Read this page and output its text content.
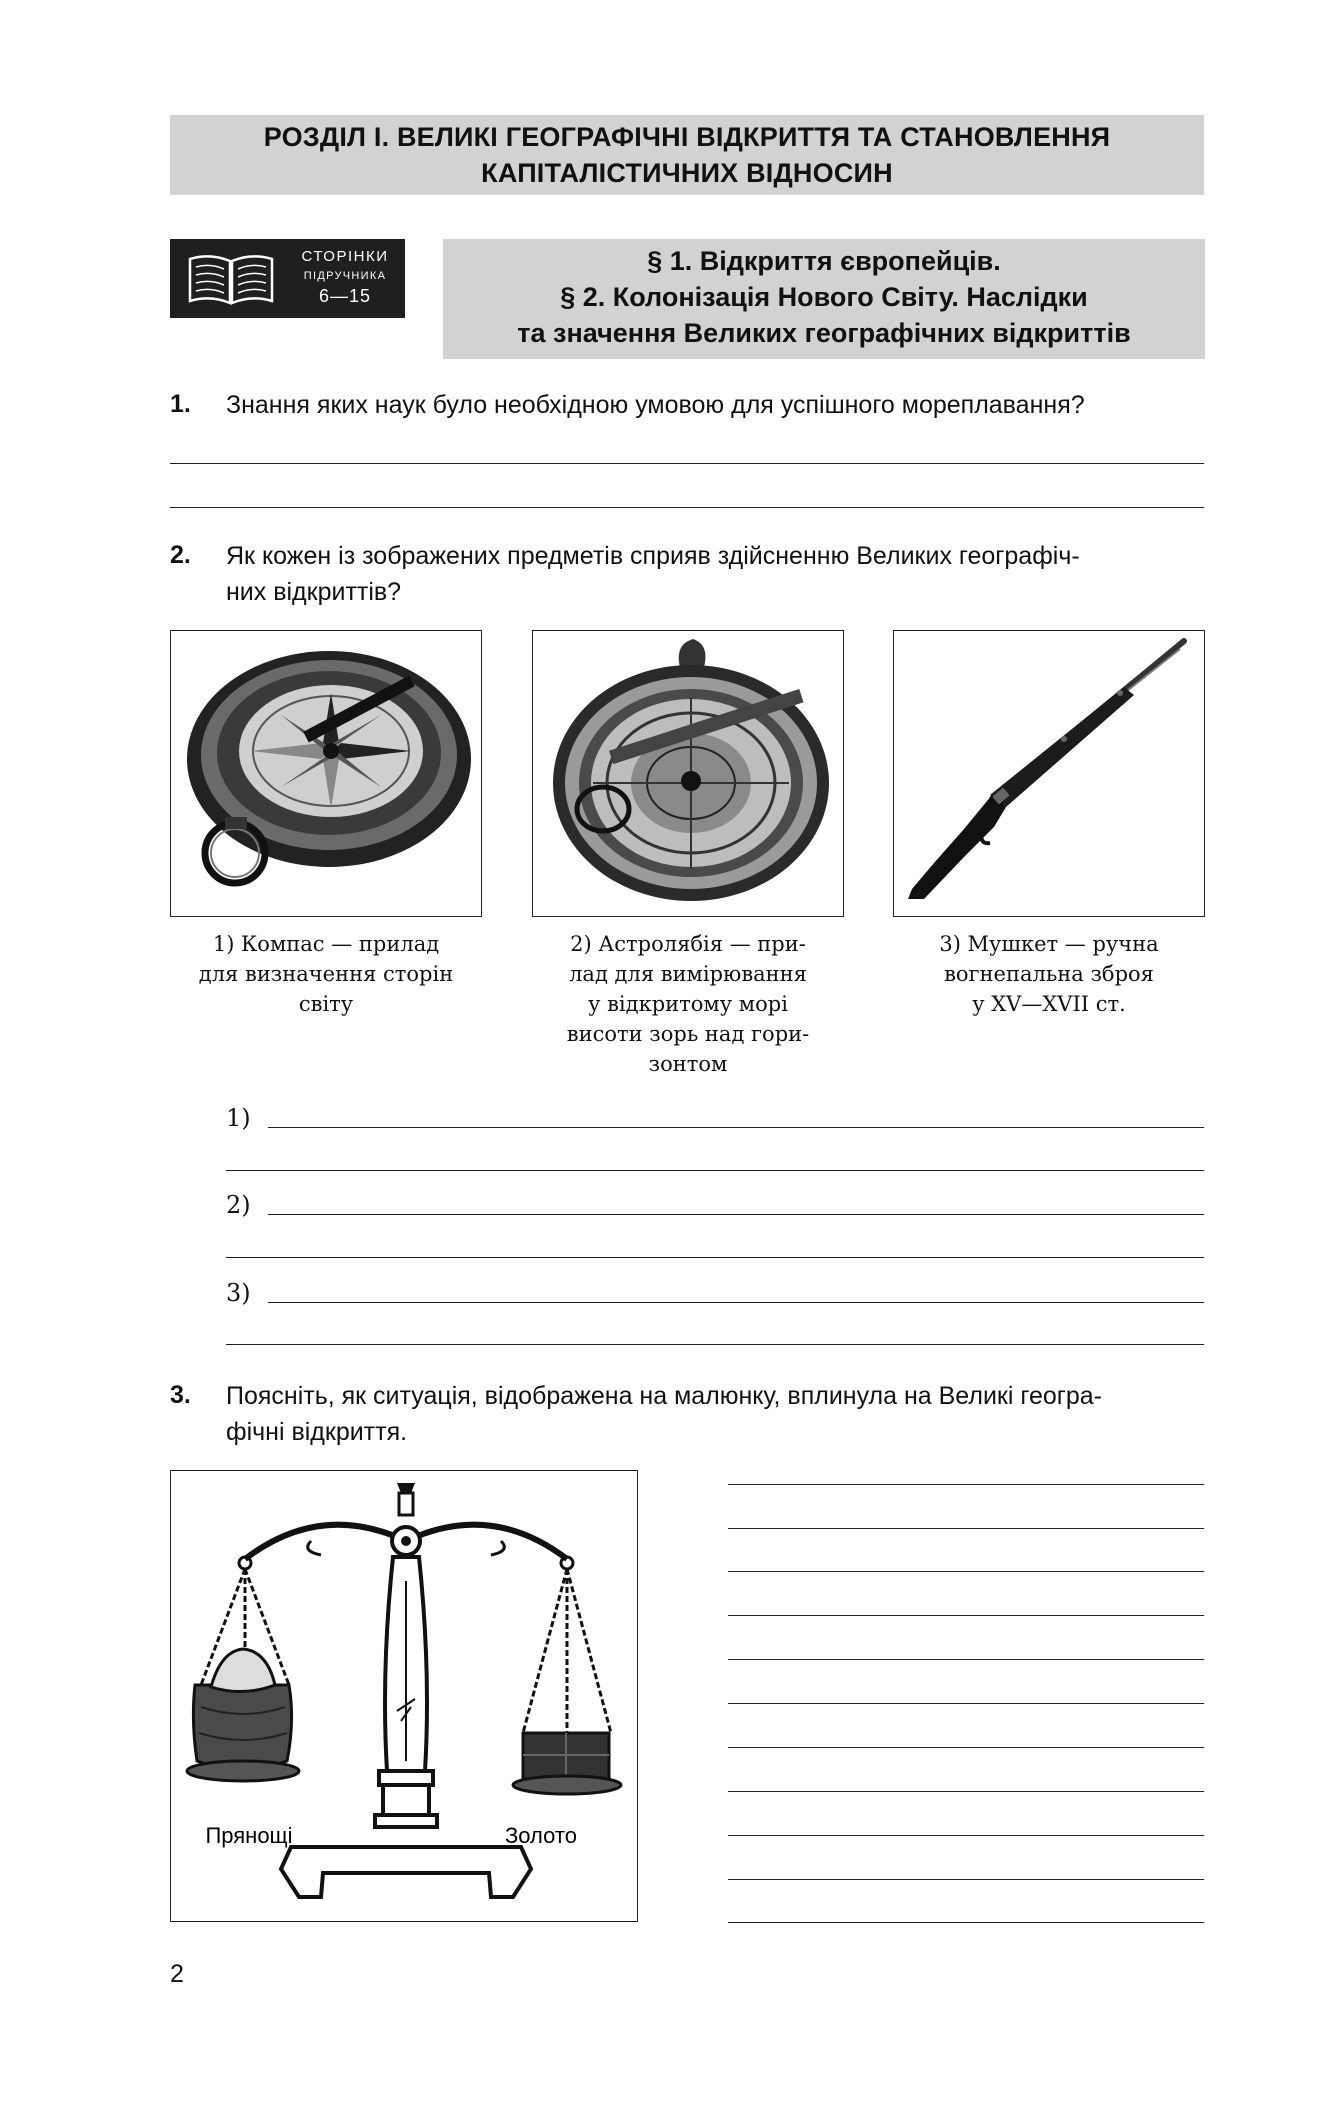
РОЗДІЛ І. ВЕЛИКІ ГЕОГРАФІЧНІ ВІДКРИТТЯ ТА СТАНОВЛЕННЯ
КАПІТАЛІСТИЧНИХ ВІДНОСИН
СТОРІНКИ
ПІДРУЧНИКА
6—15
§ 1. Відкриття європейців.
§ 2. Колонізація Нового Світу. Наслідки
та значення Великих географічних відкриттів
1. Знання яких наук було необхідною умовою для успішного мореплавання?
2. Як кожен із зображених предметів сприяв здійсненню Великих географіч-
них відкриттів?
1) Компас — прилад
для визначення сторін
світу
2) Астролябія — при-
лад для вимірювання
у відкритому морі
висоти зорь над гори-
зонтом
3) Мушкет — ручна
вогнепальна зброя
у XV—XVII ст.
1)
2)
3)
3. Поясніть, як ситуація, відображена на малюнку, вплинула на Великі геогра-
фічні відкриття.
Прянощі	Золото
2
